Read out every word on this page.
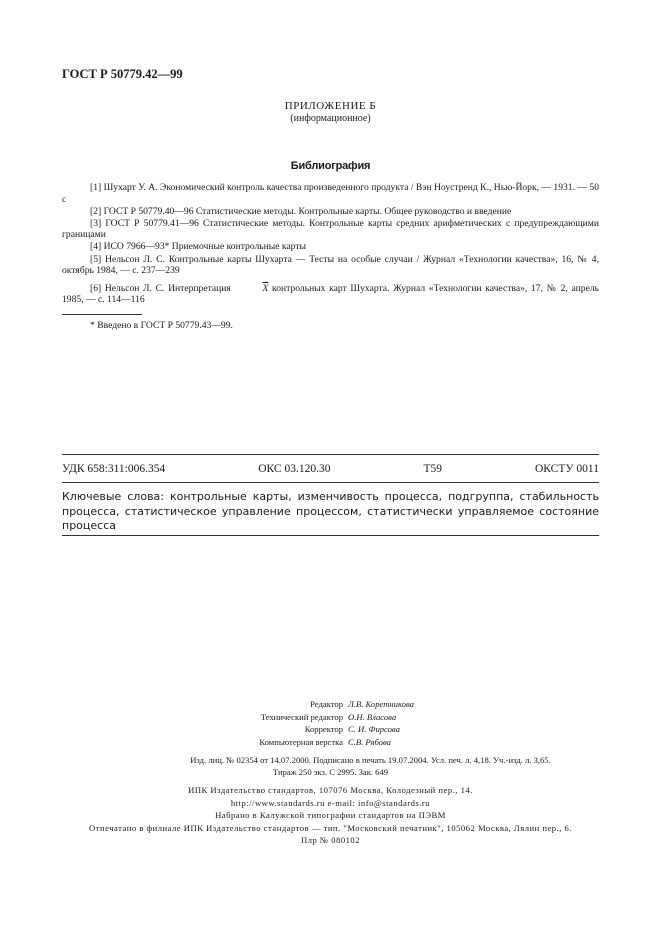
ГОСТ Р 50779.42—99
ПРИЛОЖЕНИЕ Б
(информационное)
Библиография

[1] Шухарт У. А. Экономический контроль качества произведенного продукта / Вэн Ноустренд К., Нью-Йорк, — 1931. — 50 с

[2] ГОСТ Р 50779.40—96 Статистические методы. Контрольные карты. Общее руководство и введение

[3] ГОСТ Р 50779.41—96 Статистические методы. Контрольные карты средних арифметических с предупреждающими границами

[4] ИСО 7966—93* Приемочные контрольные карты

[5] Нельсон Л. С. Контрольные карты Шухарта — Тесты на особые случаи / Журнал «Технологии качества», 16, № 4, октябрь 1984, — с. 237—239

[6] Нельсон Л. С. Интерпретация	$\overline{X}$ контрольных карт Шухарта. Журнал «Технологии качества», 17, № 2, апрель 1985, — с. 114—116

* Введено в ГОСТ Р 50779.43—99.
УДК 658:311:006.354	ОКС 03.120.30	Т59	ОКСТУ 0011
Ключевые слова: контрольные карты, изменчивость процесса, подгруппа, стабильность процесса, статистическое управление процессом, статистически управляемое состояние процесса
Редактор Л.В. Коретникова
Технический редактор О.Н. Власова
Корректор С. И. Фирсова
Компьютерная верстка С.В. Рябова
Изд. лиц. № 02354 от 14.07.2000. Подписано в печать 19.07.2004. Усл. печ. л. 4,18. Уч.-изд. л. 3,65.
Тираж 250 экз. С 2995. Зак. 649
ИПК Издательство стандартов, 107076 Москва, Колодезный пер., 14.
http://www.standards.ru e-mail: info@standards.ru
Набрано в Калужской типографии стандартов на ПЭВМ
Отпечатано в филиале ИПК Издательство стандартов — тип. "Московский печатник", 105062 Москва, Лялин пер., 6.
Плр № 080102
